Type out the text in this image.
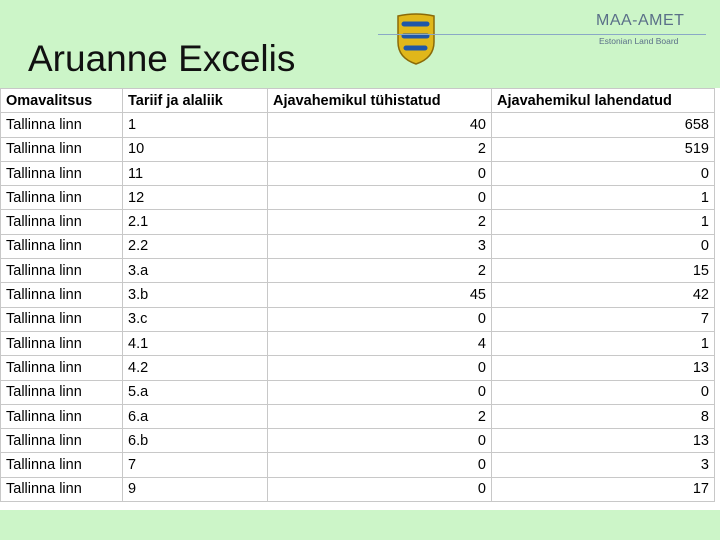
Aruanne Excelis
MAA-AMET
Estonian Land Board
Omavalitsus	Tariif ja alaliik	Ajavahemikul tühistatud	Ajavahemikul lahendatud
Tallinna linn	1	40	658
Tallinna linn	10	2	519
Tallinna linn	11	0	0
Tallinna linn	12	0	1
Tallinna linn	2.1	2	1
Tallinna linn	2.2	3	0
Tallinna linn	3.a	2	15
Tallinna linn	3.b	45	42
Tallinna linn	3.c	0	7
Tallinna linn	4.1	4	1
Tallinna linn	4.2	0	13
Tallinna linn	5.a	0	0
Tallinna linn	6.a	2	8
Tallinna linn	6.b	0	13
Tallinna linn	7	0	3
Tallinna linn	9	0	17
